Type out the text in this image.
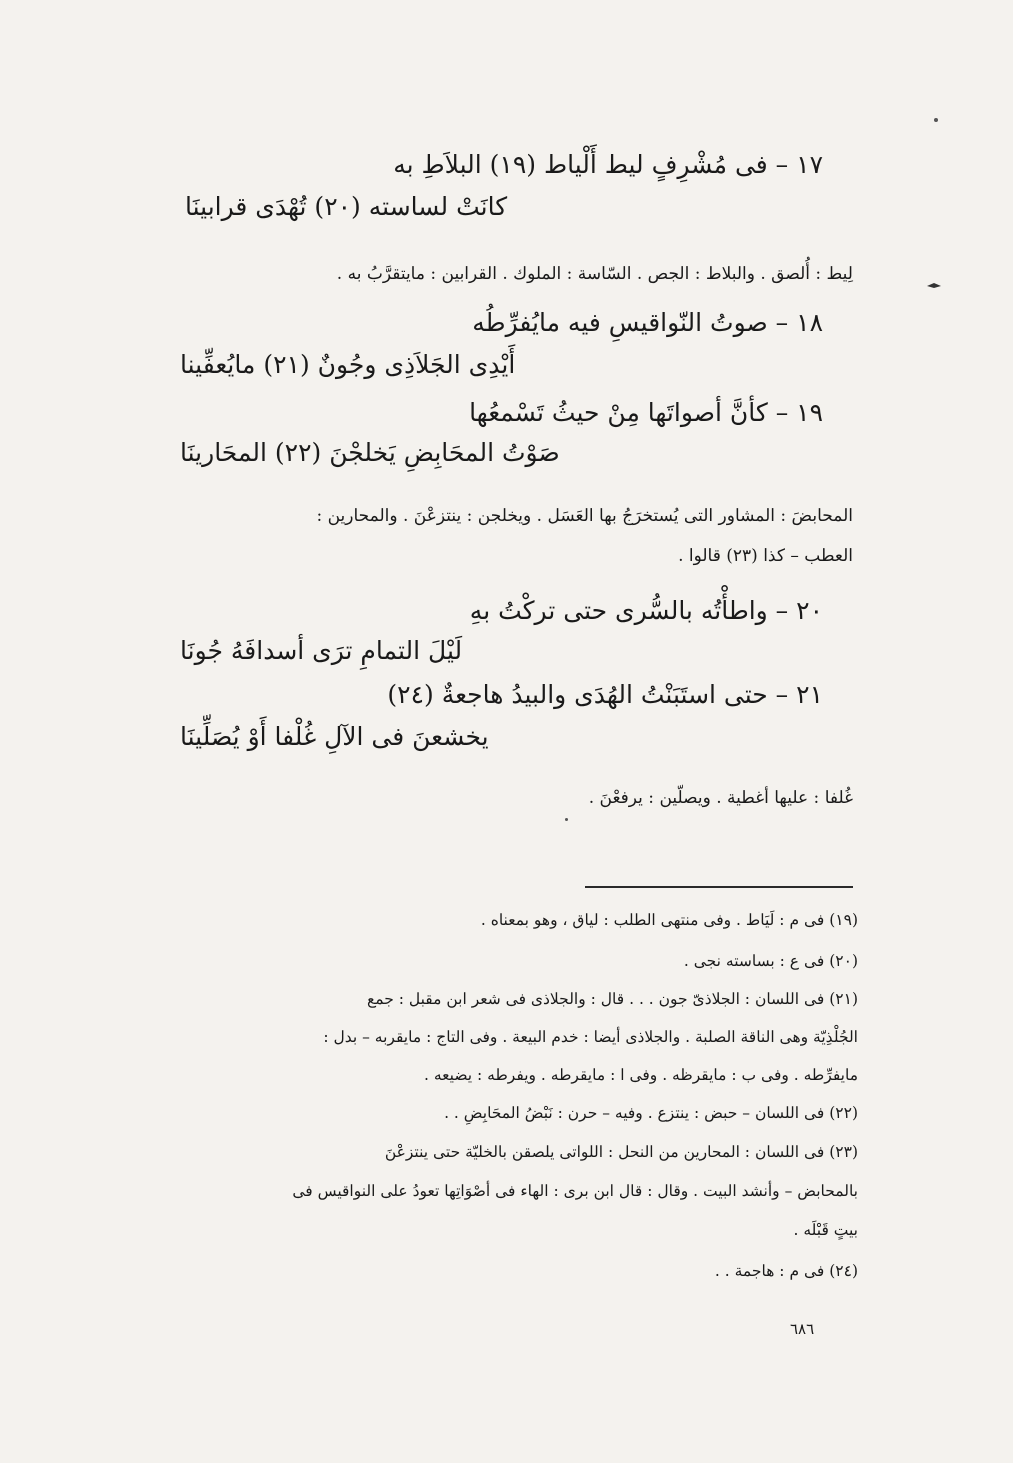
١٧ – فى مُشْرِفٍ ليط أَلْياط (١٩) البلاَطِ به
كانَتْ لساسته (٢٠) تُهْدَى قرابينَا
لِيط : أُلصق . والبلاط : الجص . السّاسة : الملوك . القرابين : مايتقرَّبُ به .
١٨ – صوتُ النّواقيسِ فيه مايُفرِّطُه
أَيْدِى الجَلاَذِى وجُونٌ (٢١) مايُعفِّينا
١٩ – كأنَّ أصواتَها مِنْ حيثُ تَسْمعُها
صَوْتُ المحَابِضِ يَخلجْنَ (٢٢) المحَارينَا
المحابضَ : المشاور التى يُستخرَجُ بها العَسَل . ويخلجن : ينتزعْنَ . والمحارين :
العطب – كذا (٢٣) قالوا .
٢٠ – واطأْتُه بالسُّرى حتى تركْتُ بهِ
لَيْلَ التمامِ ترَى أسدافَهُ جُونَا
٢١ – حتى استَبَنْتُ الهُدَى والبيدُ هاجعةٌ (٢٤)
يخشعنَ فى الآلِ غُلْفا أَوْ يُصَلِّينَا
غُلفا : عليها أغطية . ويصلّين : يرفعْنَ .
(١٩) فى م : لَيَاط . وفى منتهى الطلب : لياق ، وهو بمعناه .
(٢٠) فى ع : بساسته نجى .
(٢١) فى اللسان : الجلاذىّ جون . . . قال : والجلاذى فى شعر ابن مقبل : جمع
الجُلْذِيّة وهى الناقة الصلبة . والجلاذى أيضا : خدم البيعة . وفى التاج : مايقربه – بدل :
مايفرِّطه . وفى ب : مايقرظه . وفى ا : مايقرطه . ويفرطه : يضيعه .
(٢٢) فى اللسان – حبض : ينتزع . وفيه – حرن : نَبْضُ المحَابِضِ . .
(٢٣) فى اللسان : المحارين من النحل : اللواتى يلصقن بالخليّة حتى ينتزعْنَ
بالمحابض – وأنشد البيت . وقال : قال ابن برى : الهاء فى أصْوَاتِها تعودُ على النواقيس فى
بيتٍ قَبْلَه .
(٢٤) فى م : هاجمة . .
٦٨٦
